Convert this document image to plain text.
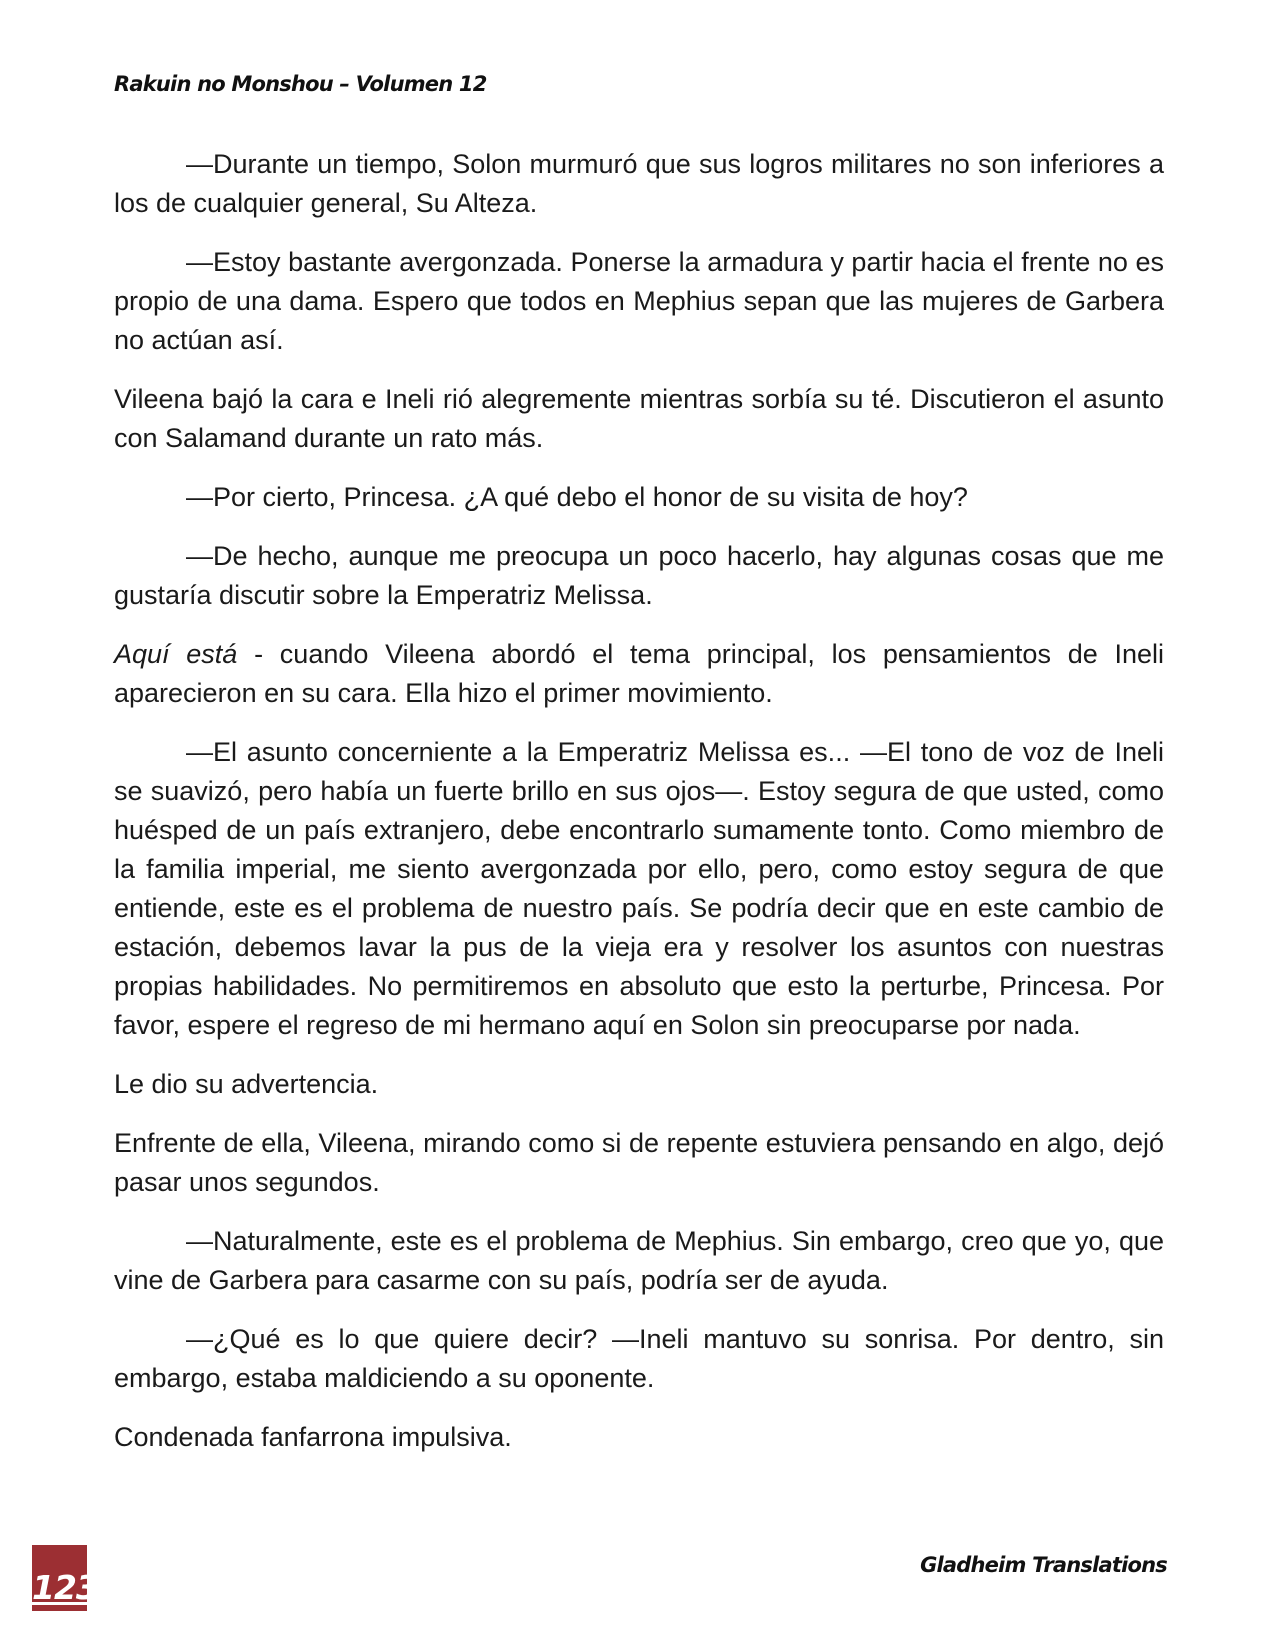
Rakuin no Monshou – Volumen 12

—Durante un tiempo, Solon murmuró que sus logros militares no son inferiores a los de cualquier general, Su Alteza.

—Estoy bastante avergonzada. Ponerse la armadura y partir hacia el frente no es propio de una dama. Espero que todos en Mephius sepan que las mujeres de Garbera no actúan así.

Vileena bajó la cara e Ineli rió alegremente mientras sorbía su té. Discutieron el asunto con Salamand durante un rato más.

—Por cierto, Princesa. ¿A qué debo el honor de su visita de hoy?

—De hecho, aunque me preocupa un poco hacerlo, hay algunas cosas que me gustaría discutir sobre la Emperatriz Melissa.

Aquí está - cuando Vileena abordó el tema principal, los pensamientos de Ineli aparecieron en su cara. Ella hizo el primer movimiento.

—El asunto concerniente a la Emperatriz Melissa es... —El tono de voz de Ineli se suavizó, pero había un fuerte brillo en sus ojos—. Estoy segura de que usted, como huésped de un país extranjero, debe encontrarlo sumamente tonto. Como miembro de la familia imperial, me siento avergonzada por ello, pero, como estoy segura de que entiende, este es el problema de nuestro país. Se podría decir que en este cambio de estación, debemos lavar la pus de la vieja era y resolver los asuntos con nuestras propias habilidades. No permitiremos en absoluto que esto la perturbe, Princesa. Por favor, espere el regreso de mi hermano aquí en Solon sin preocuparse por nada.

Le dio su advertencia.

Enfrente de ella, Vileena, mirando como si de repente estuviera pensando en algo, dejó pasar unos segundos.

—Naturalmente, este es el problema de Mephius. Sin embargo, creo que yo, que vine de Garbera para casarme con su país, podría ser de ayuda.

—¿Qué es lo que quiere decir? —Ineli mantuvo su sonrisa. Por dentro, sin embargo, estaba maldiciendo a su oponente.

Condenada fanfarrona impulsiva.

123
Gladheim Translations
